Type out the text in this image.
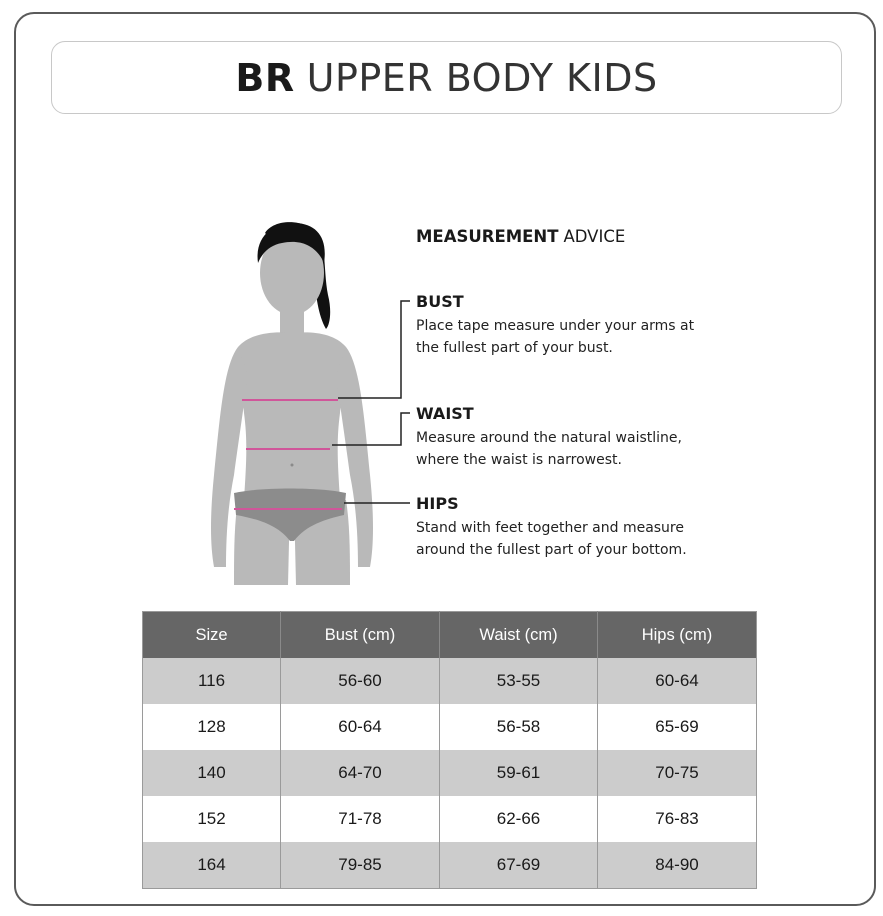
BR UPPER BODY KIDS
MEASUREMENT ADVICE
BUST
Place tape measure under your arms at
the fullest part of your bust.
WAIST
Measure around the natural waistline,
where the waist is narrowest.
HIPS
Stand with feet together and measure
around the fullest part of your bottom.
Size	Bust (cm)	Waist (cm)	Hips (cm)
116	56-60	53-55	60-64
128	60-64	56-58	65-69
140	64-70	59-61	70-75
152	71-78	62-66	76-83
164	79-85	67-69	84-90
